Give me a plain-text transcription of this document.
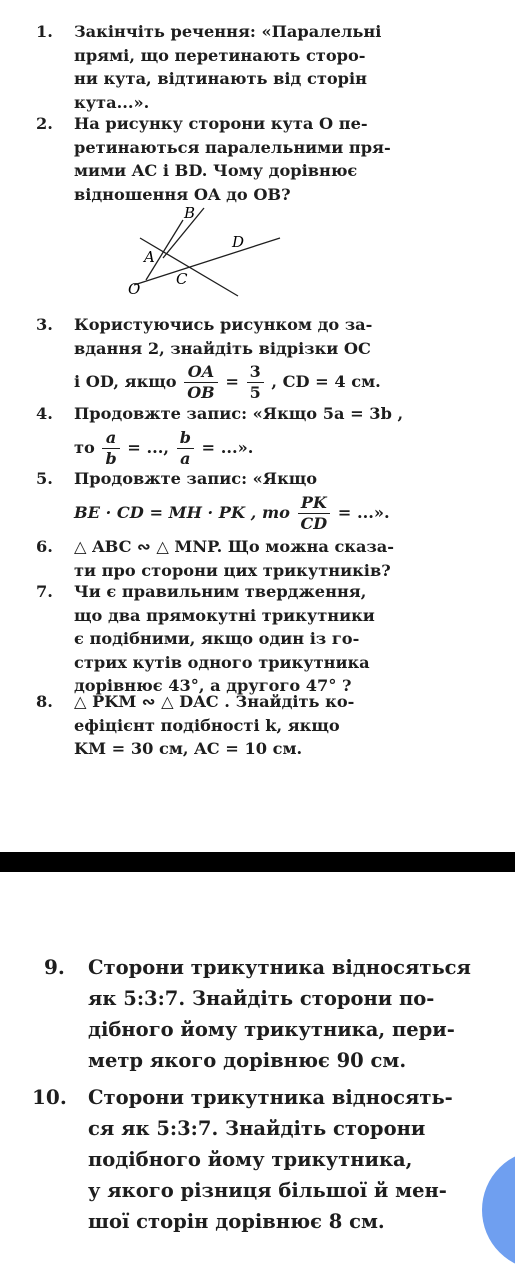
1. Закінчіть речення: «Паралельні
прямі, що перетинають сторо-
ни кута, відтинають від сторін
кута...».
2. На рисунку сторони кута O пе-
ретинаються паралельними пря-
мими AC і BD. Чому дорівнює
відношення OA до OB?
B
D
A
C
O
3. Користуючись рисунком до за-
вдання 2, знайдіть відрізки OC
і OD, якщо $\frac{OA}{OB} = \frac{3}{5}$ , CD = 4 см.
4. Продовжте запис: «Якщо 5a = 3b ,
то $\frac{a}{b}$ = ..., $\frac{b}{a}$ = ...».
5. Продовжте запис: «Якщо
BE · CD = MH · PK , то $\frac{PK}{CD}$ = ...».
6. △ ABC ∾ △ MNP. Що можна сказа-
ти про сторони цих трикутників?
7. Чи є правильним твердження,
що два прямокутні трикутники
є подібними, якщо один із го-
стрих кутів одного трикутника
дорівнює 43°, а другого 47° ?
8. △ PKM ∾ △ DAC . Знайдіть ко-
ефіцієнт подібності k, якщо
KM = 30 см, AC = 10 см.
9. Сторони трикутника відносяться
як 5:3:7. Знайдіть сторони по-
дібного йому трикутника, пери-
метр якого дорівнює 90 см.
10. Сторони трикутника відносять-
ся як 5:3:7. Знайдіть сторони
подібного йому трикутника,
у якого різниця більшої й мен-
шої сторін дорівнює 8 см.
